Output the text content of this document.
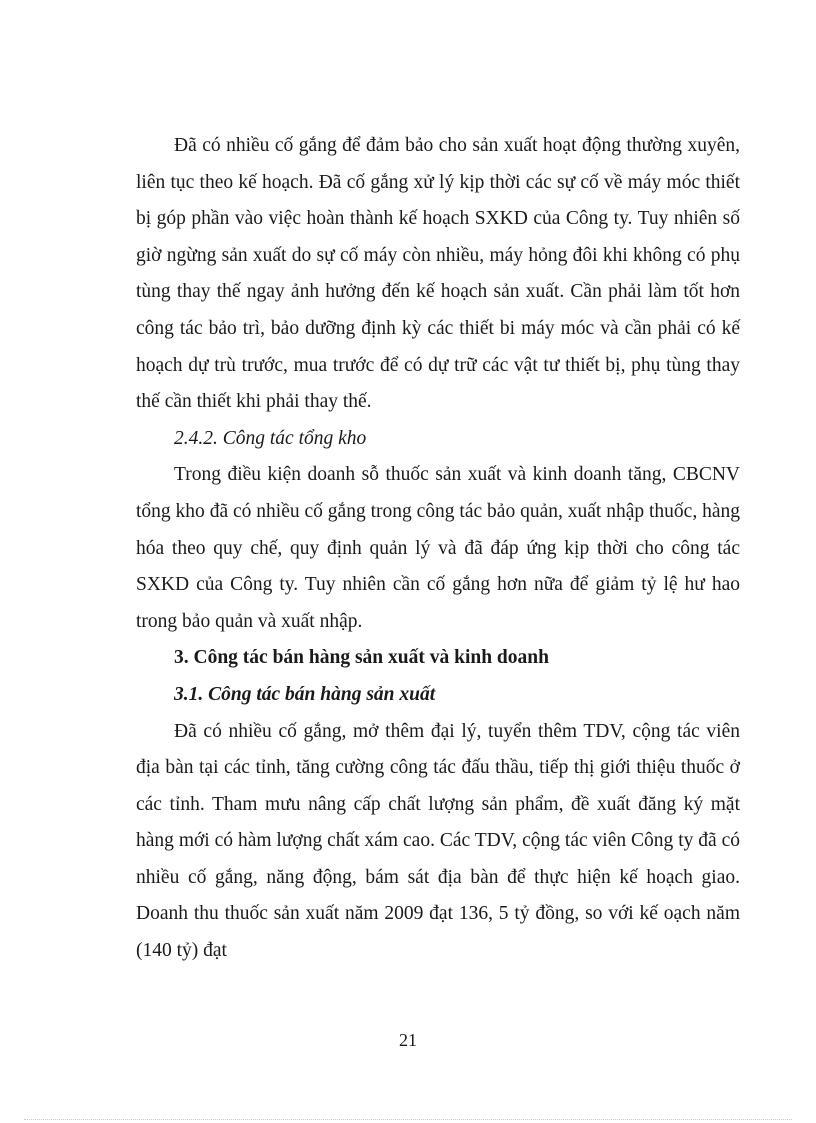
Đã có nhiều cố gắng để đảm bảo cho sản xuất hoạt động thường xuyên, liên tục theo kế hoạch. Đã cố gắng xử lý kịp thời các sự cố về máy móc thiết bị góp phần vào việc hoàn thành kế hoạch SXKD của Công ty. Tuy nhiên số giờ ngừng sản xuất do sự cố máy còn nhiều, máy hỏng đôi khi không có phụ tùng thay thế ngay ảnh hưởng đến kế hoạch sản xuất. Cần phải làm tốt hơn công tác bảo trì, bảo dưỡng định kỳ các thiết bi máy móc và cần phải có kế hoạch dự trù trước, mua trước để có dự trữ các vật tư thiết bị, phụ tùng thay thế cần thiết khi phải thay thế.

2.4.2. Công tác tổng kho

Trong điều kiện doanh sỗ thuốc sản xuất và kinh doanh tăng, CBCNV tổng kho đã có nhiều cố gắng trong công tác bảo quản, xuất nhập thuốc, hàng hóa theo quy chế, quy định quản lý và đã đáp ứng kịp thời cho công tác SXKD của Công ty. Tuy nhiên cần cố gắng hơn nữa để giảm tỷ lệ hư hao trong bảo quản và xuất nhập.

3. Công tác bán hàng sản xuất và kinh doanh

3.1. Công tác bán hàng sản xuất

Đã có nhiều cố gắng, mở thêm đại lý, tuyển thêm TDV, cộng tác viên địa bàn tại các tỉnh, tăng cường công tác đấu thầu, tiếp thị giới thiệu thuốc ở các tỉnh. Tham mưu nâng cấp chất lượng sản phẩm, đề xuất đăng ký mặt hàng mới có hàm lượng chất xám cao. Các TDV, cộng tác viên Công ty đã có nhiều cố gắng, năng động, bám sát địa bàn để thực hiện kế hoạch giao. Doanh thu thuốc sản xuất năm 2009 đạt 136, 5 tỷ đồng, so với kế oạch năm (140 tỷ) đạt

21
